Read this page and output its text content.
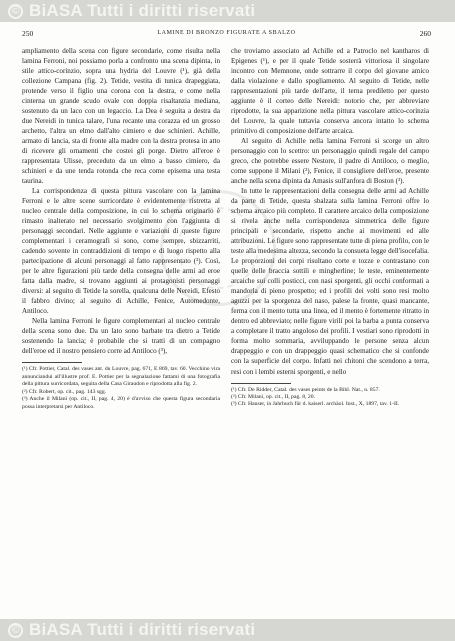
© BiASA Tutti i diritti riservati
250	LAMINE DI BRONZO FIGURATE A SBALZO	260

ampliamento della scena con figure secondarie, come risulta nella lamina Ferroni, noi possiamo porla a confronto una scena dipinta, in stile attico-corinzio, sopra una hydria del Louvre (¹), già della collezione Campana (fig. 2). Tetide, vestita di tunica drapeggiata, protende verso il figlio una corona con la destra, e come nella cinterna un grande scudo ovale con doppia risaltanzia mediana, sostenuto da un laco con un legaccio. La Dea è seguita a destra da due Nereidi in tunica talare, l'una recante una corazza ed un grosso archetto, l'altra un elmo dall'alto cimiero e due schinieri. Achille, armato di lancia, sta di fronte alla madre con la destra protesa in atto di ricevere gli ornamenti che costei gli porge. Dietro all'eroe è rappresentata Ulisse, preceduto da un elmo a basso cimiero, da schinieri e da une tenda rotonda che reca come episema una testa taurina.

La corrispondenza di questa pittura vascolare con la lamina Ferroni e le altre scene surricordate è evidentemente ristretta al nucleo centrale della composizione, in cui lo schema originario è rimasto inalterato nel necessario svolgimento con l'aggiunta di personaggi secondari. Nelle aggiunte e variazioni di queste figure complementari i ceramografi si sono, come sempre, sbizzarriti, cadendo sovente in contraddizioni di tempo e di luogo rispetto alla partecipazione di alcuni personaggi al fatto rappresentato (²). Così, per le altre figurazioni più tarde della consegna delle armi ad eroe fatta dalla madre, si trovano aggiunti ai protagonisti personaggi diversi: al seguito di Tetide la sorella, qualcuna delle Nereidi, Efesto il fabbro divino; al seguito di Achille, Fenice, Automedonte, Antiloco.

Nella lamina Ferroni le figure complementari al nucleo centrale della scena sono due. Da un lato sono barbate tra dietro a Tetide sostenendo la lancia; è probabile che si tratti di un compagno dell'eroe ed il nostro pensiero corre ad Antiloco (³),

(¹) Cfr. Pottier, Catal. des vases ant. du Louvre, pag. 671, E 869, tav. 60. Vecchino vira annunciandui all'illustre prof. E. Pottier per la segnalazione fattami di una fotografia della pittura surricordata, seguita della Casa Giraudon e riprodotta alla fig. 2.

(²) Cfr. Robert, op. cit., pag. 143 sgg.

(³) Anche il Milani (op. cit., II, pag. 4, 20) é d'avviso che questa figura secondaria possa interpretarsi per Antiloco.

che troviamo associato ad Achille ed a Patroclo nel kantharos di Epigenes (¹), e per il quale Tetide sosterrà vittoriosa il singolare incontro con Memnone, onde sottrarre il corpo del giovane amico dalla violazione e dallo spogliamento. Al seguito di Tetide, nelle rappresentazioni più tarde dell'arte, il terna prediletto per questo aggiunte è il corteo delle Nereidi: notorio che, per abbreviare riprodotte, la sua apparizione nella pittura vascolare attico-corinzia del Louvre, la quale tuttavia conserva ancora intatto lo schema primitivo di composizione dell'arte arcaica.

Al seguito di Achille nella lamina Ferroni si scorge un altro personaggio con lo scettro: un personaggio quindi regale del campo greco, che potrebbe essere Nestore, il padre di Antiloco, o meglio, come suppone il Milani (²), Fenice, il consigliere dell'eroe, presente anche nella scena dipinta da Amasis sull'anfora di Boston (³).

In tutte le rappresentazioni della consegna delle armi ad Achille da parte di Tetide, questa sbalzata sulla lamina Ferroni offre lo schema arcaico più completo. Il carattere arcaico della composizione si rivela anche nella corrispondenza simmetrica delle figure principali e secondarie, rispetto anche ai movimenti ed alle attribuzioni. Le figure sono rappresentate tutte di piena profilo, con le teste alla medesima altezza, secondo la consueta legge dell'isocefalia. Le proporzioni dei corpi risultano corte e tozze e contrastano con quelle delle braccia sottili e mingherline; le teste, eminentemente arcaiche sui colli posticci, con nasi sporgenti, gli occhi conformati a mandorla di pieno prospetto; ed i profili dei volti sono resi molto aguzzi per la sporgenza del naso, palese la fronte, quasi mancante, ferma con il mento tutta una linea, ed il mento è fortemente ritratto in dentro ed abbreviato; nelle figure virili poi la barba a punta conserva a completare il tratto angoloso dei profili. I vestiari sono riprodotti in forma molto sommaria, avviluppando le persone senza alcun drappeggio e con un drappeggio quasi schematico che si confonde con la superficie del corpo. Infatti nei chitoni che scendono a terra, resi con i lembi esterni sporgenti, e nello

(¹) Cfr. De Ridder, Catal. des vases peints de la Bibl. Nat., n. 857.

(²) Cfr. Milani, op. cit., II, pag. 8, 20.

(³) Cfr. Hauser, in Jahrbuch für d. kaiserl. archäol. Inst., X, 1897, tav. 1-II.

© BiASA Tutti i diritti riservati
